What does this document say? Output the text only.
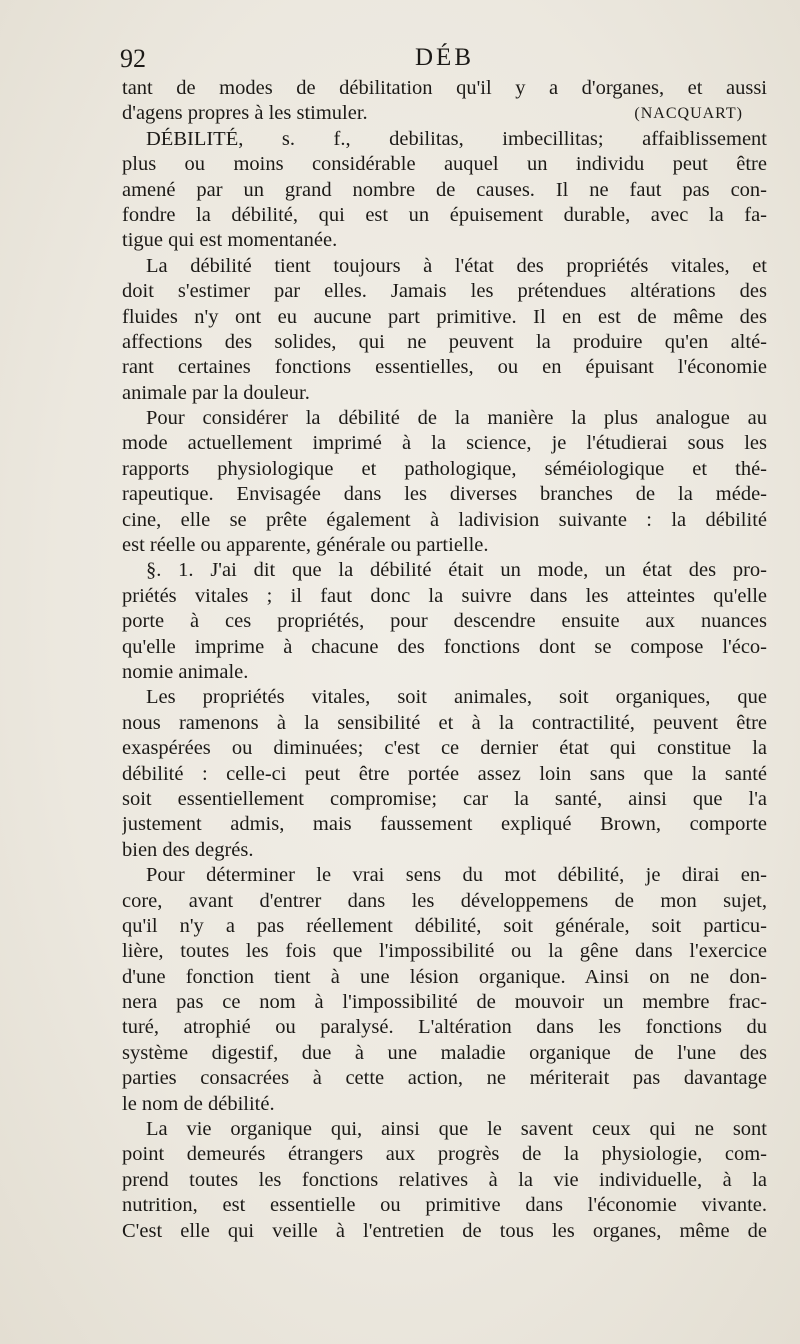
92	DÉB
tant de modes de débilitation qu'il y a d'organes, et aussi
d'agens propres à les stimuler.	(NACQUART)
DÉBILITÉ, s. f., debilitas, imbecillitas; affaiblissement
plus ou moins considérable auquel un individu peut être
amené par un grand nombre de causes. Il ne faut pas con-
fondre la débilité, qui est un épuisement durable, avec la fa-
tigue qui est momentanée.
La débilité tient toujours à l'état des propriétés vitales, et
doit s'estimer par elles. Jamais les prétendues altérations des
fluides n'y ont eu aucune part primitive. Il en est de même des
affections des solides, qui ne peuvent la produire qu'en alté-
rant certaines fonctions essentielles, ou en épuisant l'économie
animale par la douleur.
Pour considérer la débilité de la manière la plus analogue au
mode actuellement imprimé à la science, je l'étudierai sous les
rapports physiologique et pathologique, séméiologique et thé-
rapeutique. Envisagée dans les diverses branches de la méde-
cine, elle se prête également à ladivision suivante : la débilité
est réelle ou apparente, générale ou partielle.
§. 1. J'ai dit que la débilité était un mode, un état des pro-
priétés vitales ; il faut donc la suivre dans les atteintes qu'elle
porte à ces propriétés, pour descendre ensuite aux nuances
qu'elle imprime à chacune des fonctions dont se compose l'éco-
nomie animale.
Les propriétés vitales, soit animales, soit organiques, que
nous ramenons à la sensibilité et à la contractilité, peuvent être
exaspérées ou diminuées; c'est ce dernier état qui constitue la
débilité : celle-ci peut être portée assez loin sans que la santé
soit essentiellement compromise; car la santé, ainsi que l'a
justement admis, mais faussement expliqué Brown, comporte
bien des degrés.
Pour déterminer le vrai sens du mot débilité, je dirai en-
core, avant d'entrer dans les développemens de mon sujet,
qu'il n'y a pas réellement débilité, soit générale, soit particu-
lière, toutes les fois que l'impossibilité ou la gêne dans l'exercice
d'une fonction tient à une lésion organique. Ainsi on ne don-
nera pas ce nom à l'impossibilité de mouvoir un membre frac-
turé, atrophié ou paralysé. L'altération dans les fonctions du
système digestif, due à une maladie organique de l'une des
parties consacrées à cette action, ne mériterait pas davantage
le nom de débilité.
La vie organique qui, ainsi que le savent ceux qui ne sont
point demeurés étrangers aux progrès de la physiologie, com-
prend toutes les fonctions relatives à la vie individuelle, à la
nutrition, est essentielle ou primitive dans l'économie vivante.
C'est elle qui veille à l'entretien de tous les organes, même de
